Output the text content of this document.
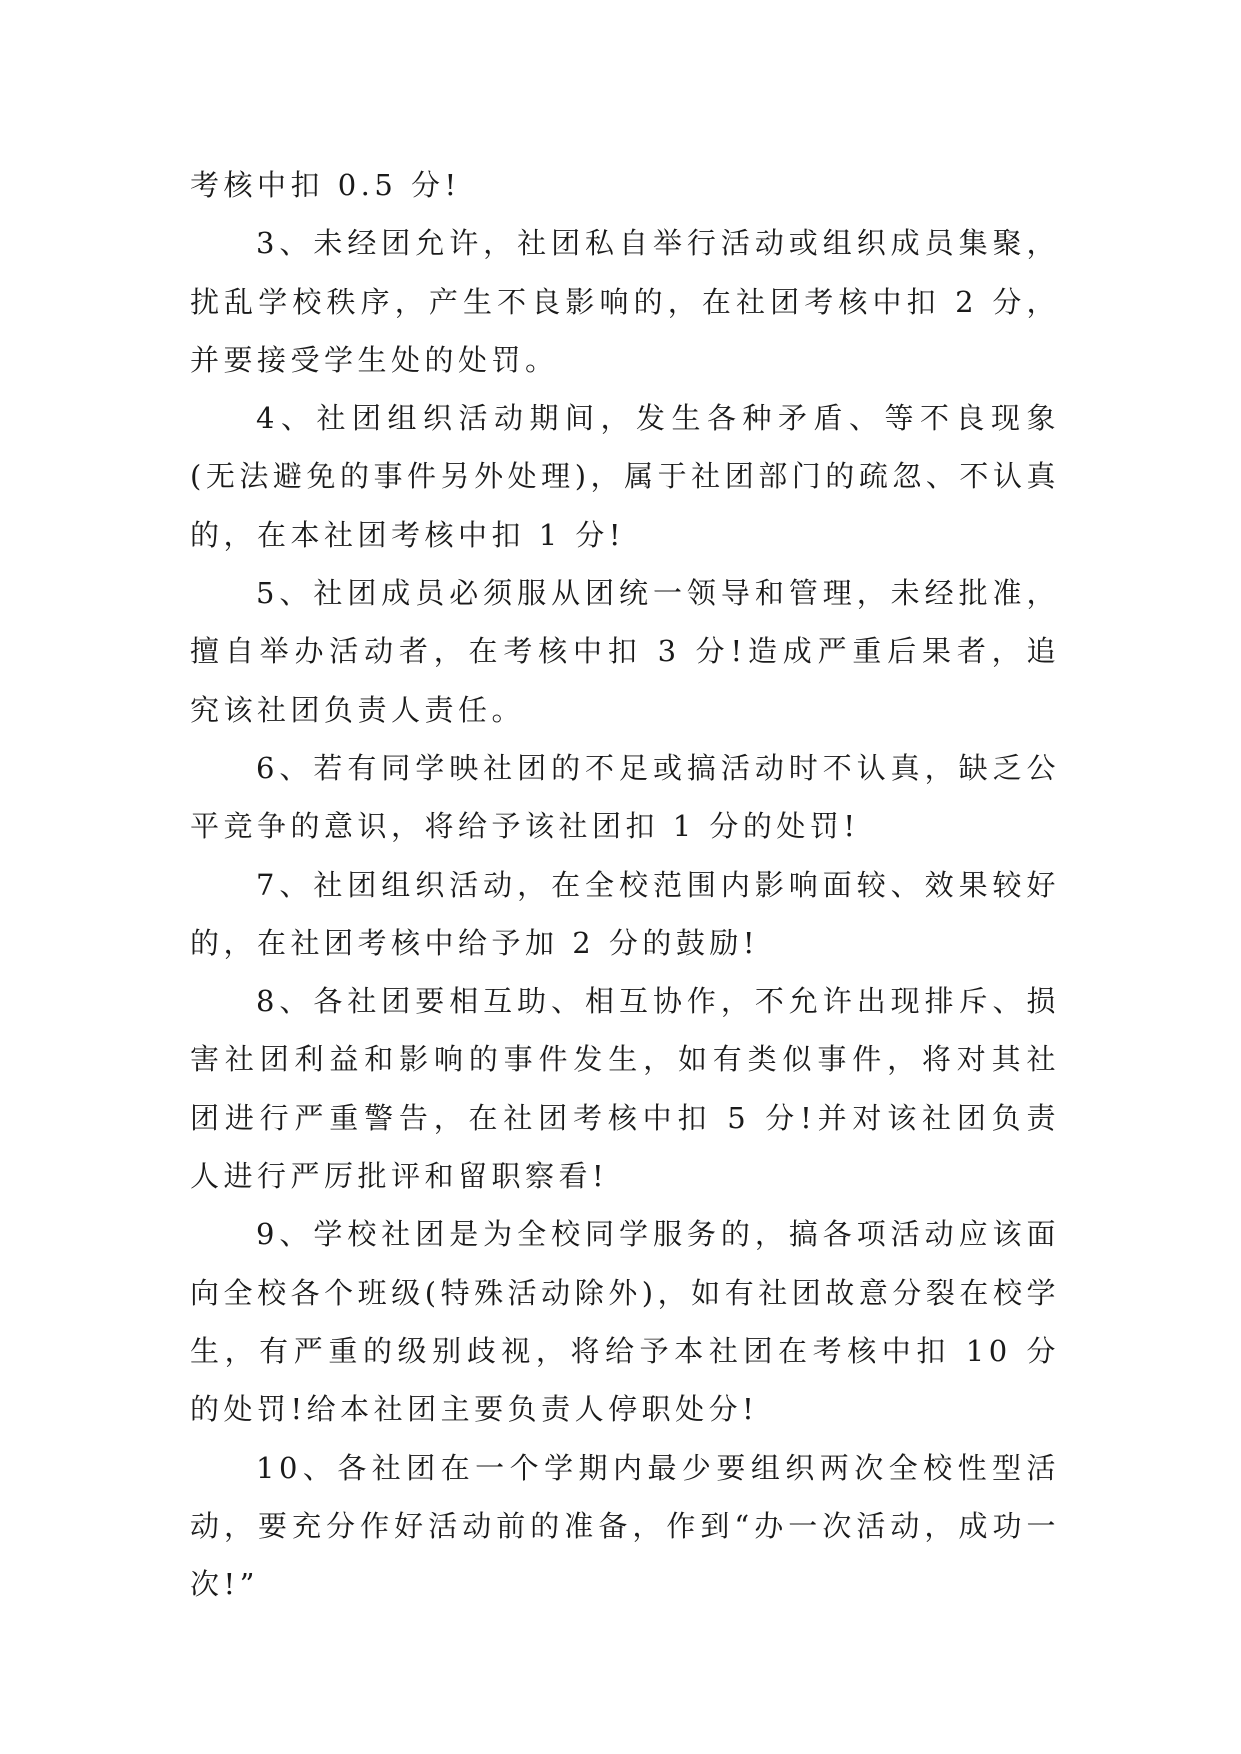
考核中扣 0.5 分!

3、未经团允许，社团私自举行活动或组织成员集聚，扰乱学校秩序，产生不良影响的，在社团考核中扣 2 分，并要接受学生处的处罚。

4、社团组织活动期间，发生各种矛盾、等不良现象(无法避免的事件另外处理)，属于社团部门的疏忽、不认真的，在本社团考核中扣 1 分!

5、社团成员必须服从团统一领导和管理，未经批准，擅自举办活动者，在考核中扣 3 分!造成严重后果者，追究该社团负责人责任。

6、若有同学映社团的不足或搞活动时不认真，缺乏公平竞争的意识，将给予该社团扣 1 分的处罚!

7、社团组织活动，在全校范围内影响面较、效果较好的，在社团考核中给予加 2 分的鼓励!

8、各社团要相互助、相互协作，不允许出现排斥、损害社团利益和影响的事件发生，如有类似事件，将对其社团进行严重警告，在社团考核中扣 5 分!并对该社团负责人进行严厉批评和留职察看!

9、学校社团是为全校同学服务的，搞各项活动应该面向全校各个班级(特殊活动除外)，如有社团故意分裂在校学生，有严重的级别歧视，将给予本社团在考核中扣 10 分的处罚!给本社团主要负责人停职处分!

10、各社团在一个学期内最少要组织两次全校性型活动，要充分作好活动前的准备，作到“办一次活动，成功一次!”
